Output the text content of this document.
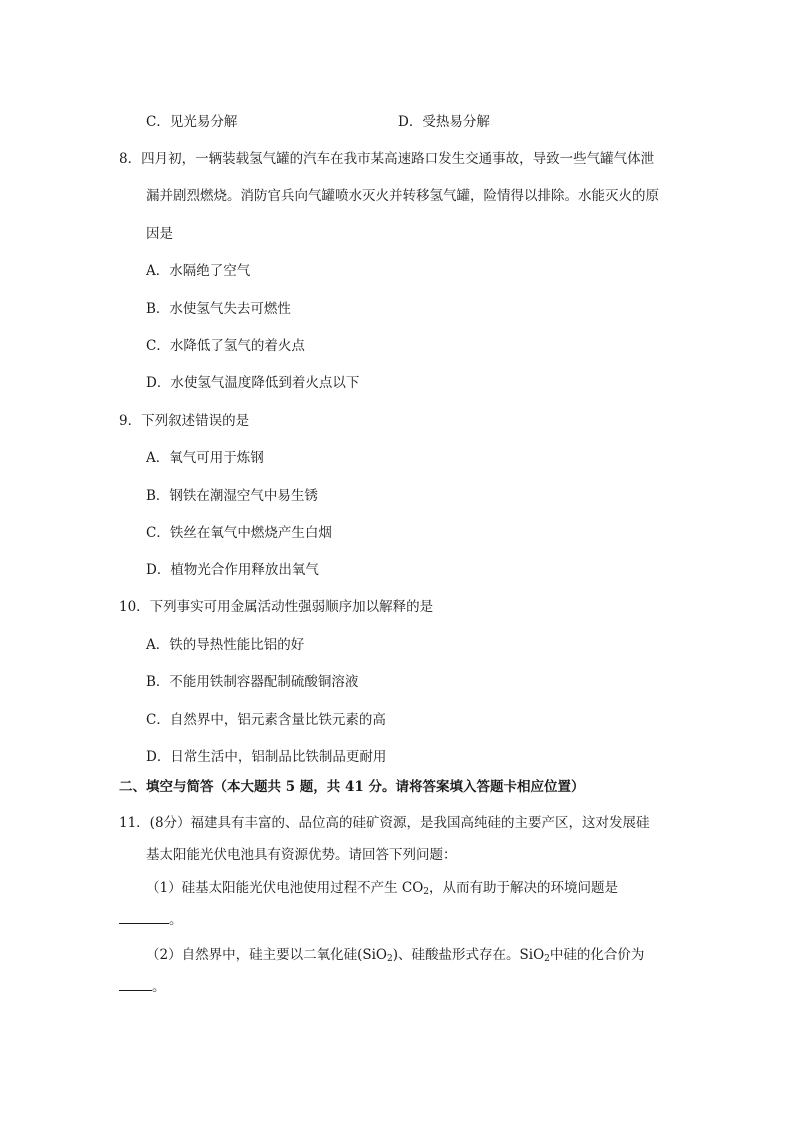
C．见光易分解	D．受热易分解
8．四月初，一辆装载氢气罐的汽车在我市某高速路口发生交通事故，导致一些气罐气体泄
漏并剧烈燃烧。消防官兵向气罐喷水灭火并转移氢气罐，险情得以排除。水能灭火的原
因是
A．水隔绝了空气
B．水使氢气失去可燃性
C．水降低了氢气的着火点
D．水使氢气温度降低到着火点以下
9．下列叙述错误的是
A．氧气可用于炼钢
B．钢铁在潮湿空气中易生锈
C．铁丝在氧气中燃烧产生白烟
D．植物光合作用释放出氧气
10．下列事实可用金属活动性强弱顺序加以解释的是
A．铁的导热性能比铝的好
B．不能用铁制容器配制硫酸铜溶液
C．自然界中，铝元素含量比铁元素的高
D．日常生活中，铝制品比铁制品更耐用
二、填空与简答（本大题共 5 题，共 41 分。请将答案填入答题卡相应位置）
11．(8分）福建具有丰富的、品位高的硅矿资源，是我国高纯硅的主要产区，这对发展硅
基太阳能光伏电池具有资源优势。请回答下列问题：
（1）硅基太阳能光伏电池使用过程不产生 $CO_2$，从而有助于解决的环境问题是
。
（2）自然界中，硅主要以二氧化硅(SiO$_2$)、硅酸盐形式存在。SiO$_2$中硅的化合价为
。
